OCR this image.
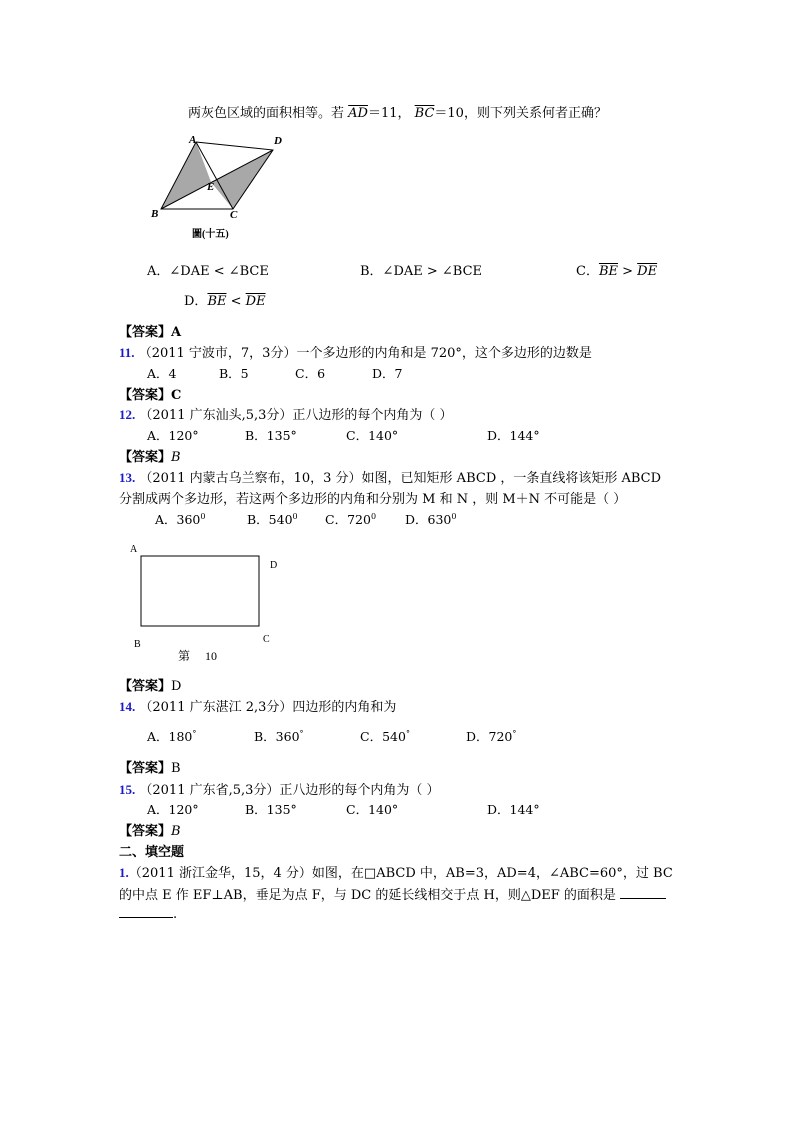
两灰色区域的面积相等。若 $\overline{AD}=11$， $\overline{BC}=10$，则下列关系何者正确？
A	D
E
B	C
圖(十五)
A．∠DAE < ∠BCE	B．∠DAE > ∠BCE	C．$\overline{BE} > \overline{DE}$
D．$\overline{BE} < \overline{DE}$
【答案】A
11. （2011 宁波市，7，3分）一个多边形的内角和是 720°，这个多边形的边数是
A．4	B．5	C．6	D．7
【答案】C
12. （2011 广东汕头,5,3分）正八边形的每个内角为（ ）
A．120°	B．135°	C．140°	D．144°
【答案】B
13. （2011 内蒙古乌兰察布，10，3 分）如图，已知矩形 ABCD ，一条直线将该矩形 ABCD
分割成两个多边形，若这两个多边形的内角和分别为 M 和 N ，则 M＋N 不可能是（ ）
A．$360^0$	B．$540^0$ C．$720^0$ D．$630^0$
A
D
B	C
第     10
【答案】D
14. （2011 广东湛江 2,3分）四边形的内角和为
A．180°	B．360°	C．540°	D．720°
【答案】B
15. （2011 广东省,5,3分）正八边形的每个内角为（ ）
A．120°	B．135°	C．140°	D．144°
【答案】B
二、填空题
1.（2011 浙江金华，15，4 分）如图，在□ABCD 中，AB=3，AD=4，∠ABC=60°，过 BC
的中点 E 作 EF⊥AB，垂足为点 F，与 DC 的延长线相交于点 H，则△DEF 的面积是
.
